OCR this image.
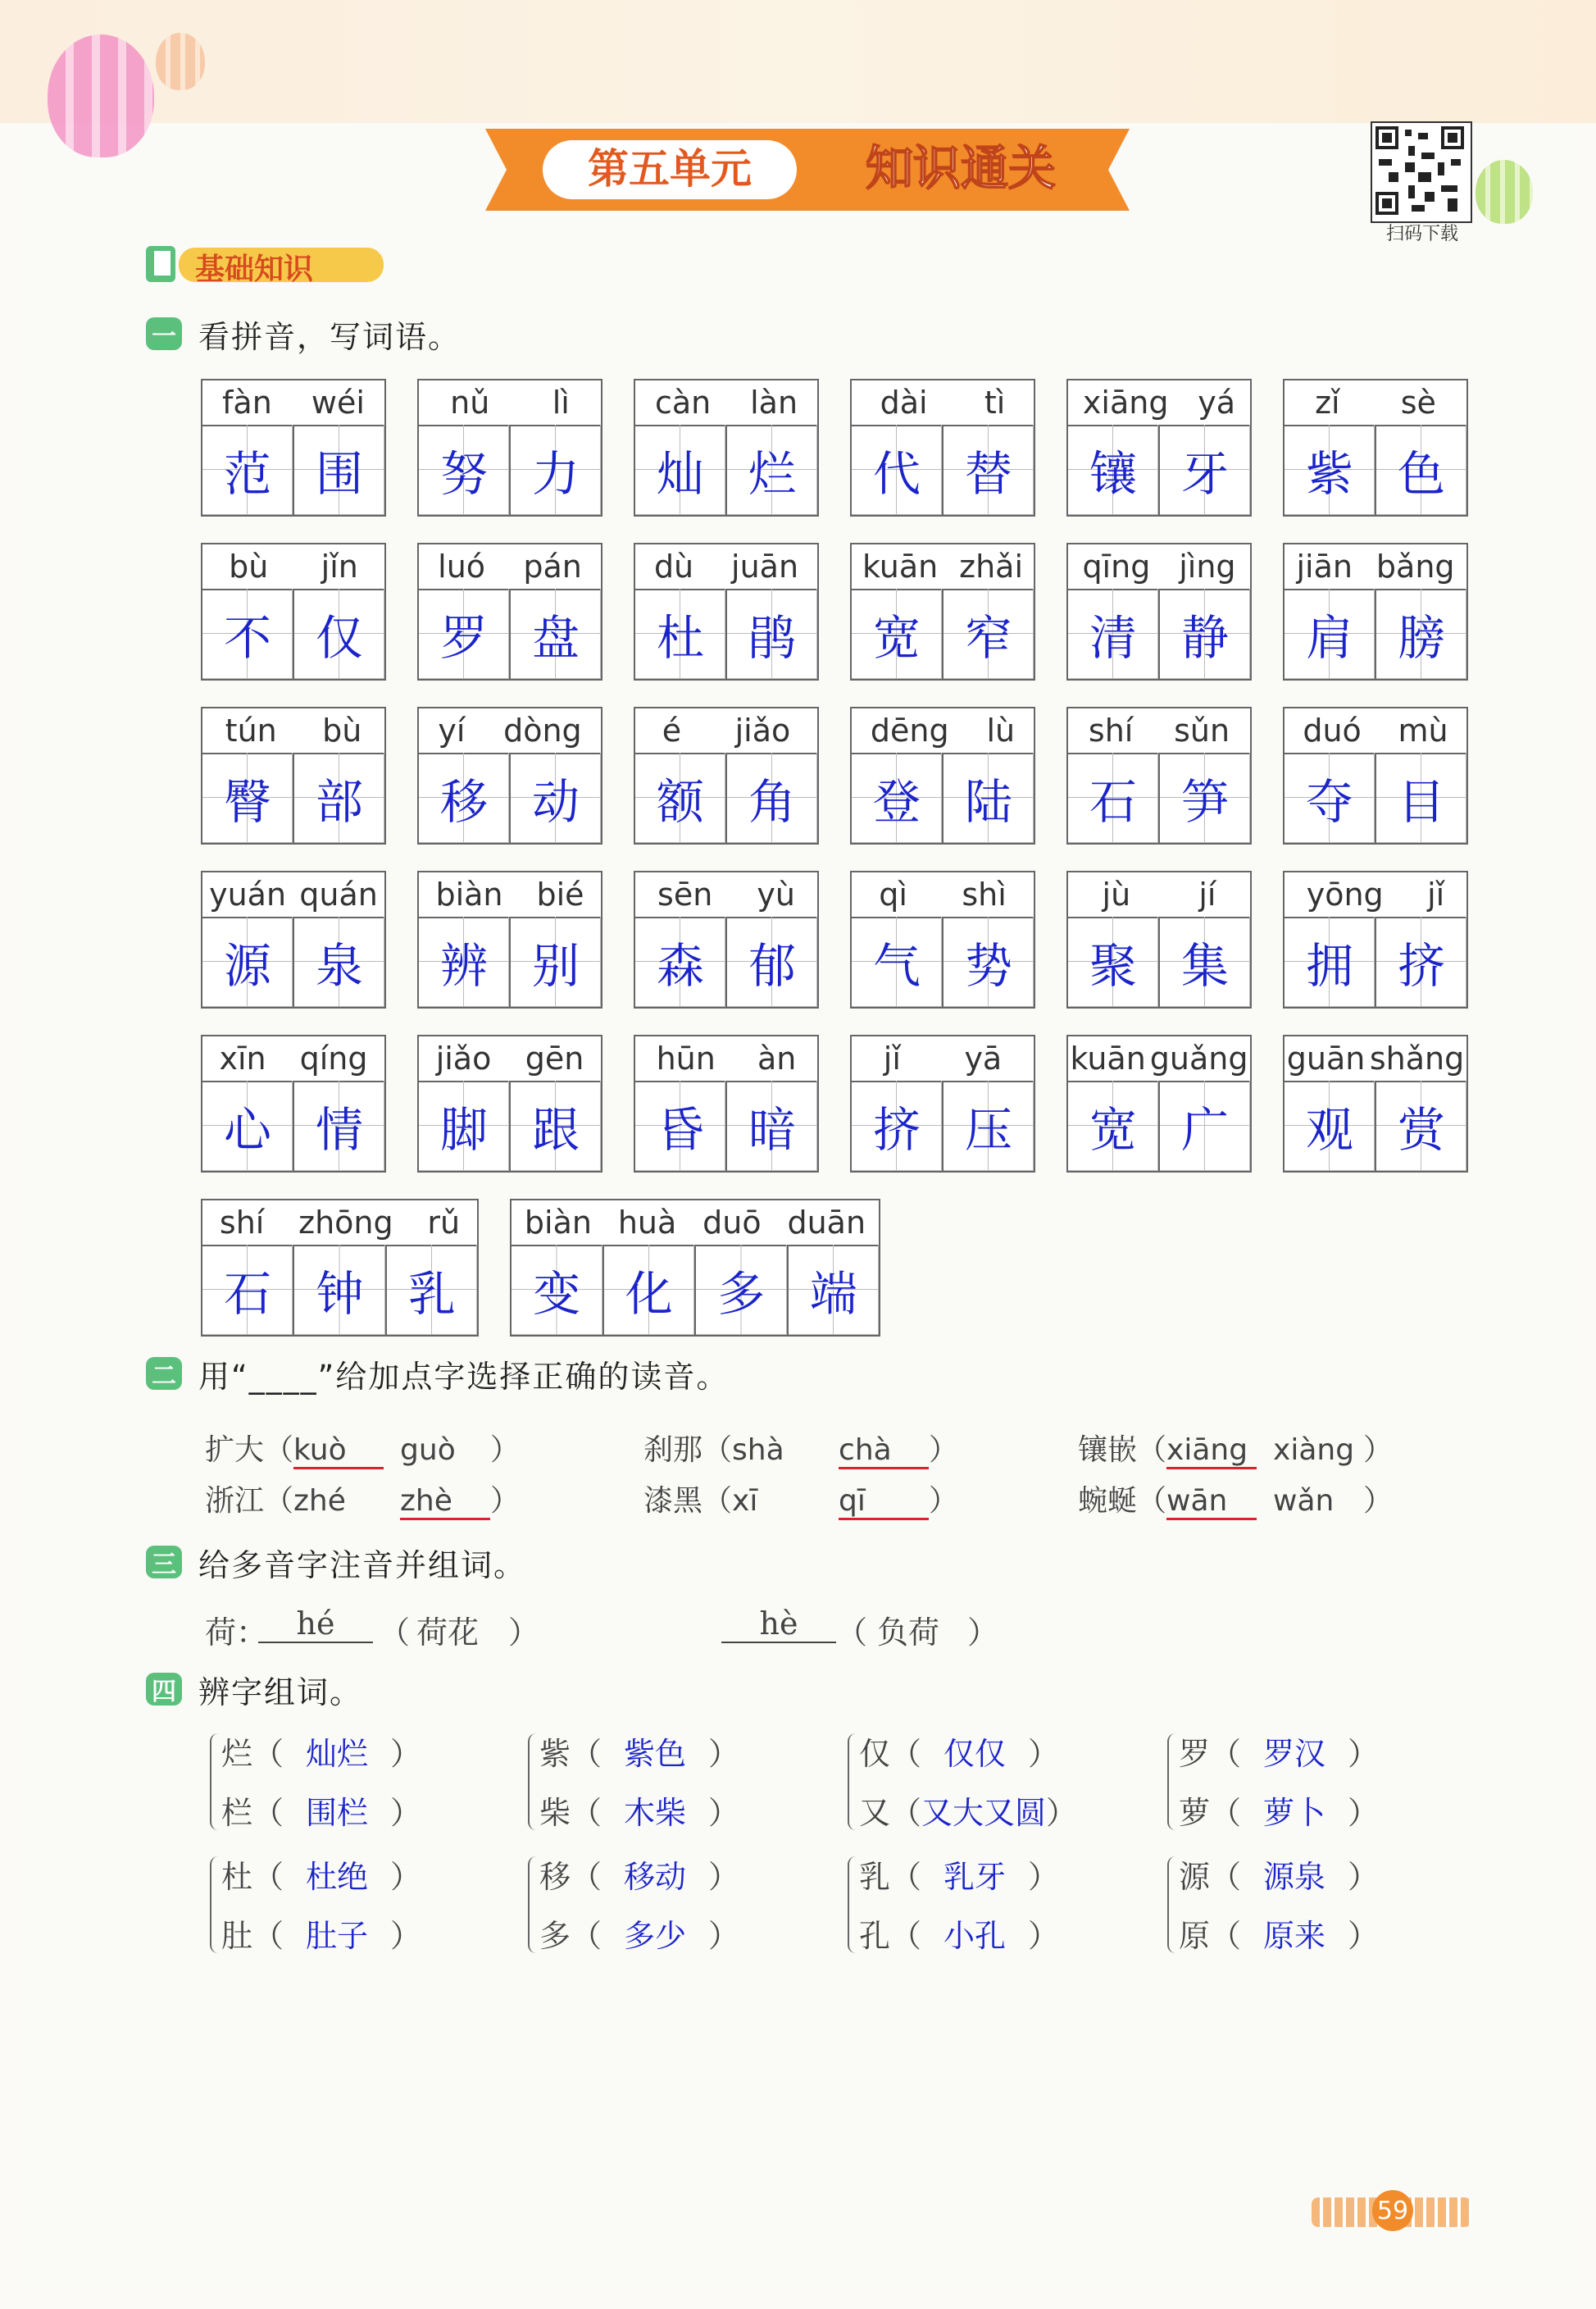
第五单元 知识通关
扫码下载
基础知识
一 看拼音，写词语。
fàn wéi
范 围
nǔ lì
努 力
càn làn
灿 烂
dài tì
代 替
xiāng yá
镶 牙
zǐ sè
紫 色
bù jǐn
不 仅
luó pán
罗 盘
dù juān
杜 鹃
kuān zhǎi
宽 窄
qīng jìng
清 静
jiān bǎng
肩 膀
tún bù
臀 部
yí dòng
移 动
é jiǎo
额 角
dēng lù
登 陆
shí sǔn
石 笋
duó mù
夺 目
yuán quán
源 泉
biàn bié
辨 别
sēn yù
森 郁
qì shì
气 势
jù jí
聚 集
yōng jǐ
拥 挤
xīn qíng
心 情
jiǎo gēn
脚 跟
hūn àn
昏 暗
jǐ yā
挤 压
kuān guǎng
宽 广
guān shǎng
观 赏
shí zhōng rǔ
石 钟 乳
biàn huà duō duān
变 化 多 端
二 用“____”给加点字选择正确的读音。
扩大（kuò guò ）	刹那（shà chà ）	镶嵌（xiāng xiàng ）
浙江（zhé zhè ）	漆黑（xī	qī ）	蜿蜒（wān wǎn ）
三 给多音字注音并组词。
荷： hé	（ 荷花 ）	hè	（ 负荷 ）
四 辨字组词。
烂（ 灿烂 ）
栏（ 围栏 ）
紫（ 紫色 ）
柴（ 木柴 ）
仅（ 仅仅 ）
又（又大又圆）
罗（ 罗汉 ）
萝（ 萝卜 ）
杜（ 杜绝 ）
肚（ 肚子 ）
移（ 移动 ）
多（ 多少 ）
乳（ 乳牙 ）
孔（ 小孔 ）
源（ 源泉 ）
原（ 原来 ）
59
